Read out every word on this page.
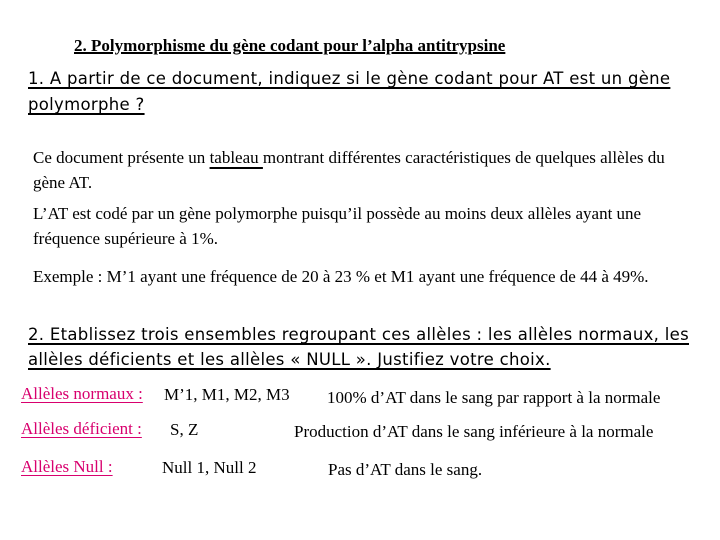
2. Polymorphisme du gène codant pour l’alpha antitrypsine
1. A partir de ce document, indiquez si le gène codant pour AT est un gène
polymorphe ?
Ce document présente un tableau montrant différentes caractéristiques de quelques allèles du gène AT.
L’AT est codé par un gène polymorphe puisqu’il possède au moins deux allèles ayant une fréquence supérieure à 1%.
Exemple : M’1 ayant une fréquence de 20 à 23 % et M1 ayant une fréquence de 44 à 49%.
2. Etablissez trois ensembles regroupant ces allèles : les allèles normaux, les
allèles déficients et les allèles « NULL ». Justifiez votre choix.
Allèles normaux : M’1, M1, M2, M3 100% d’AT dans le sang par rapport à la normale
Allèles déficient : S, Z	Production d’AT dans le sang inférieure à la normale
Allèles Null :	Null 1, Null 2	Pas d’AT dans le sang.
